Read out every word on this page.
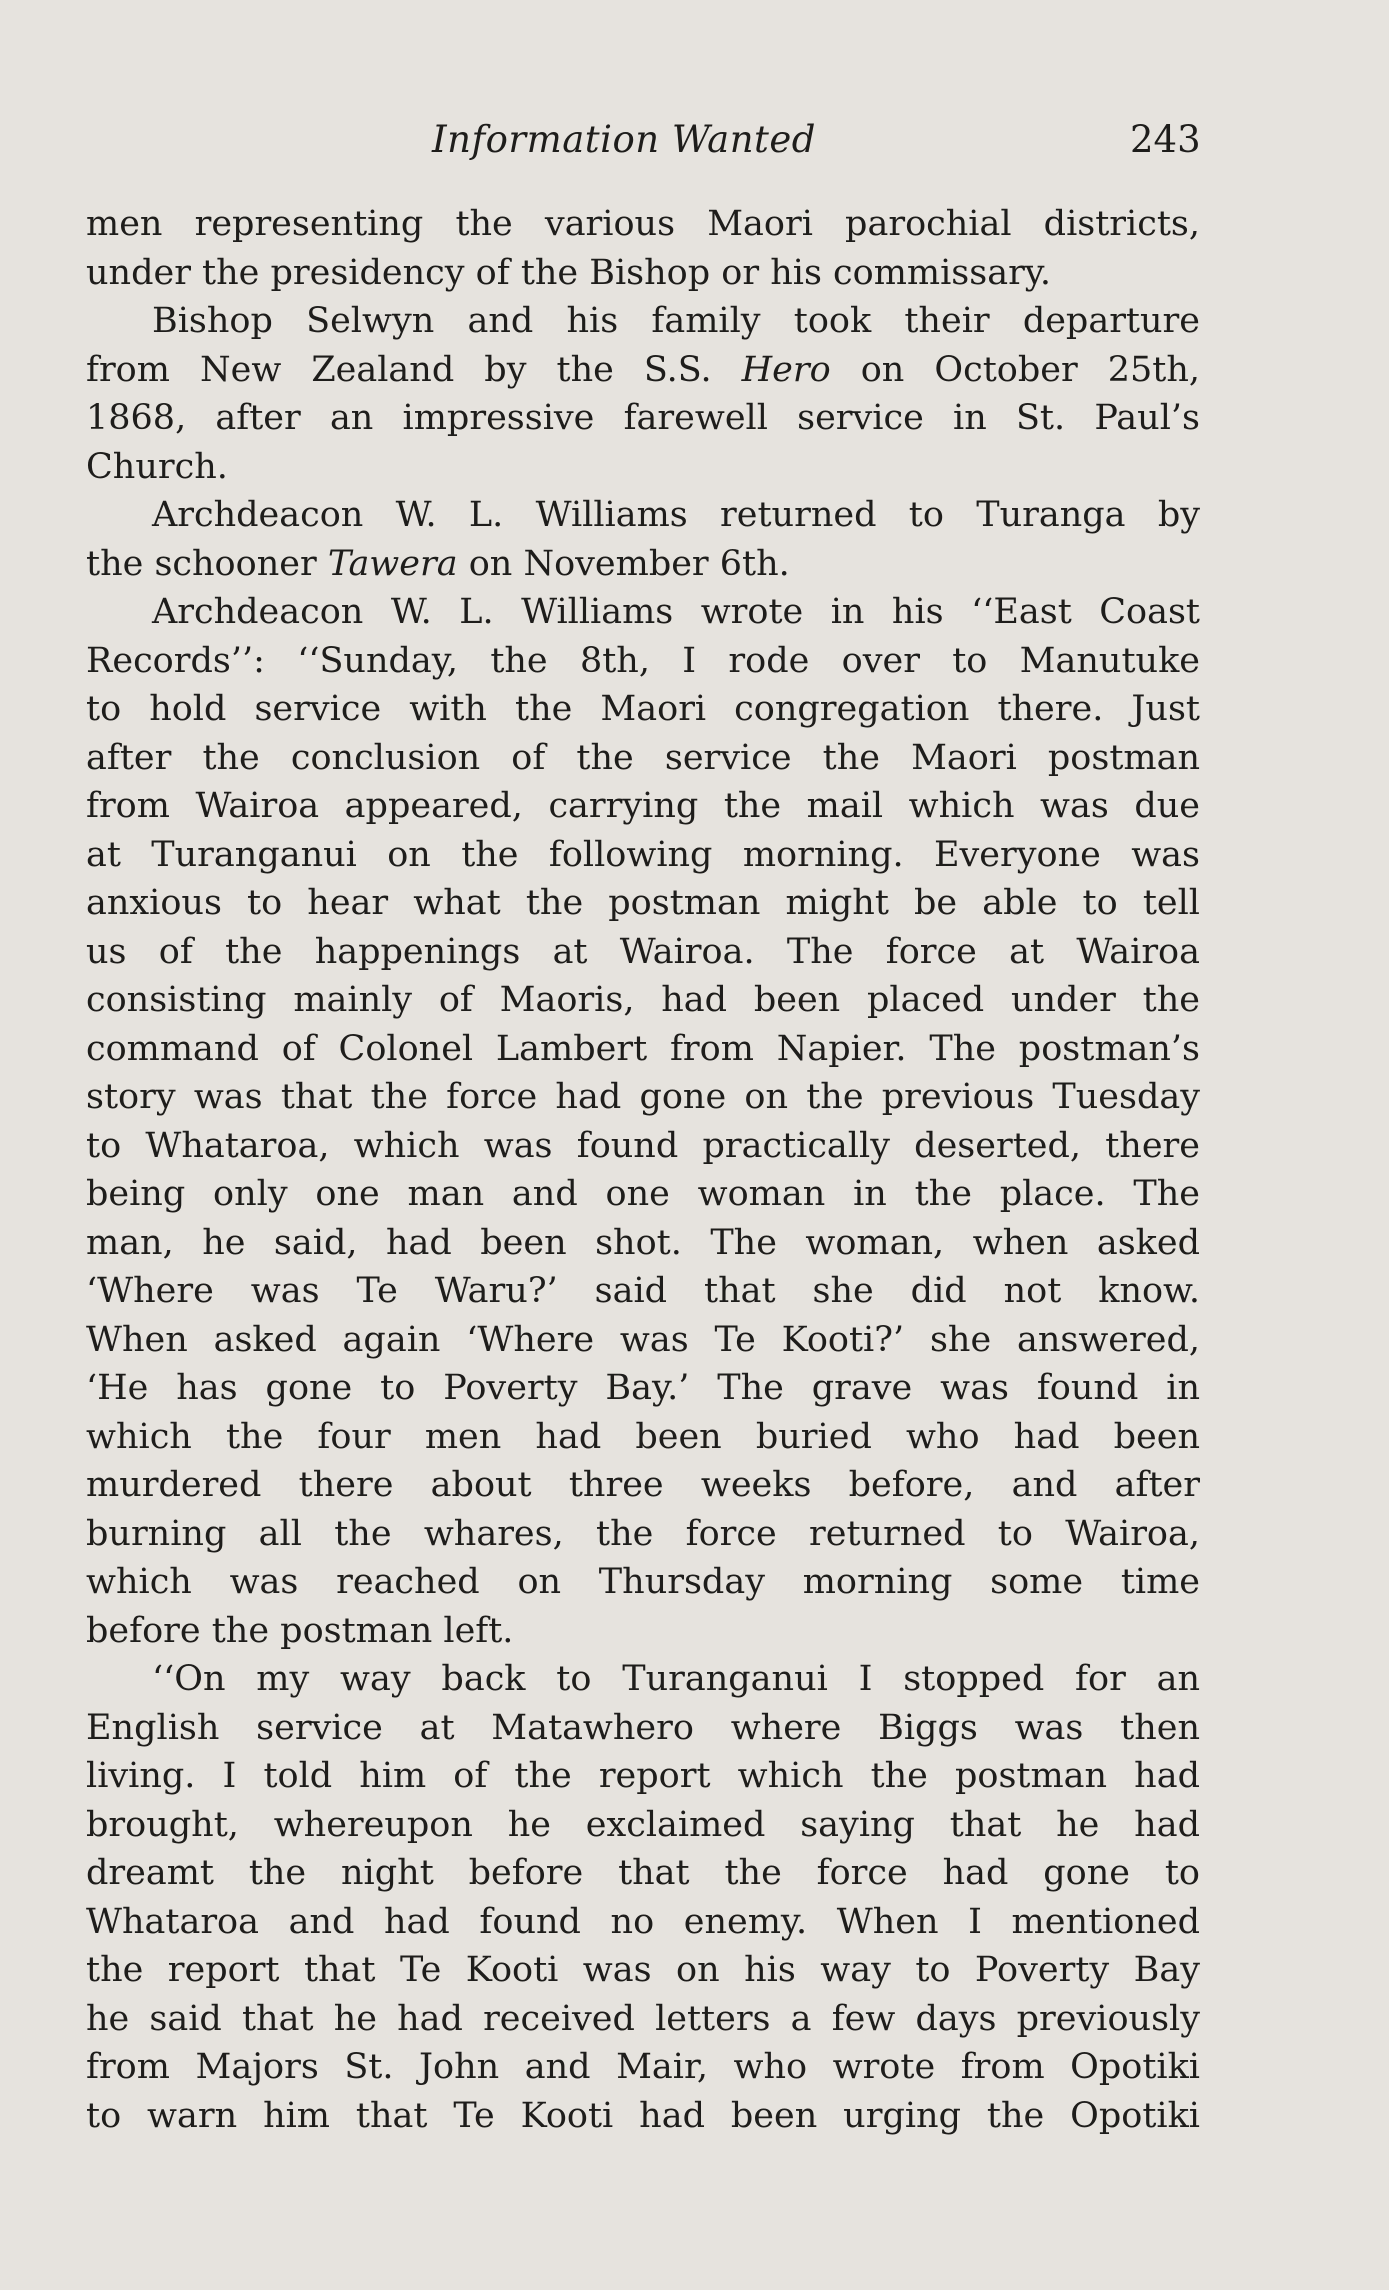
Information Wanted	243
men representing the various Maori parochial districts,
under the presidency of the Bishop or his commissary.
Bishop Selwyn and his family took their departure
from New Zealand by the S.S. Hero on October 25th,
1868, after an impressive farewell service in St. Paul’s
Church.
Archdeacon W. L. Williams returned to Turanga by
the schooner Tawera on November 6th.
Archdeacon W. L. Williams wrote in his ‘‘East Coast
Records’’: ‘‘Sunday, the 8th, I rode over to Manutuke
to hold service with the Maori congregation there. Just
after the conclusion of the service the Maori postman
from Wairoa appeared, carrying the mail which was due
at Turanganui on the following morning. Everyone was
anxious to hear what the postman might be able to tell
us of the happenings at Wairoa. The force at Wairoa
consisting mainly of Maoris, had been placed under the
command of Colonel Lambert from Napier. The postman’s
story was that the force had gone on the previous Tuesday
to Whataroa, which was found practically deserted, there
being only one man and one woman in the place. The
man, he said, had been shot. The woman, when asked
‘Where was Te Waru?’ said that she did not know.
When asked again ‘Where was Te Kooti?’ she answered,
‘He has gone to Poverty Bay.’ The grave was found in
which the four men had been buried who had been
murdered there about three weeks before, and after
burning all the whares, the force returned to Wairoa,
which was reached on Thursday morning some time
before the postman left.
‘‘On my way back to Turanganui I stopped for an
English service at Matawhero where Biggs was then
living. I told him of the report which the postman had
brought, whereupon he exclaimed saying that he had
dreamt the night before that the force had gone to
Whataroa and had found no enemy. When I mentioned
the report that Te Kooti was on his way to Poverty Bay
he said that he had received letters a few days previously
from Majors St. John and Mair, who wrote from Opotiki
to warn him that Te Kooti had been urging the Opotiki
